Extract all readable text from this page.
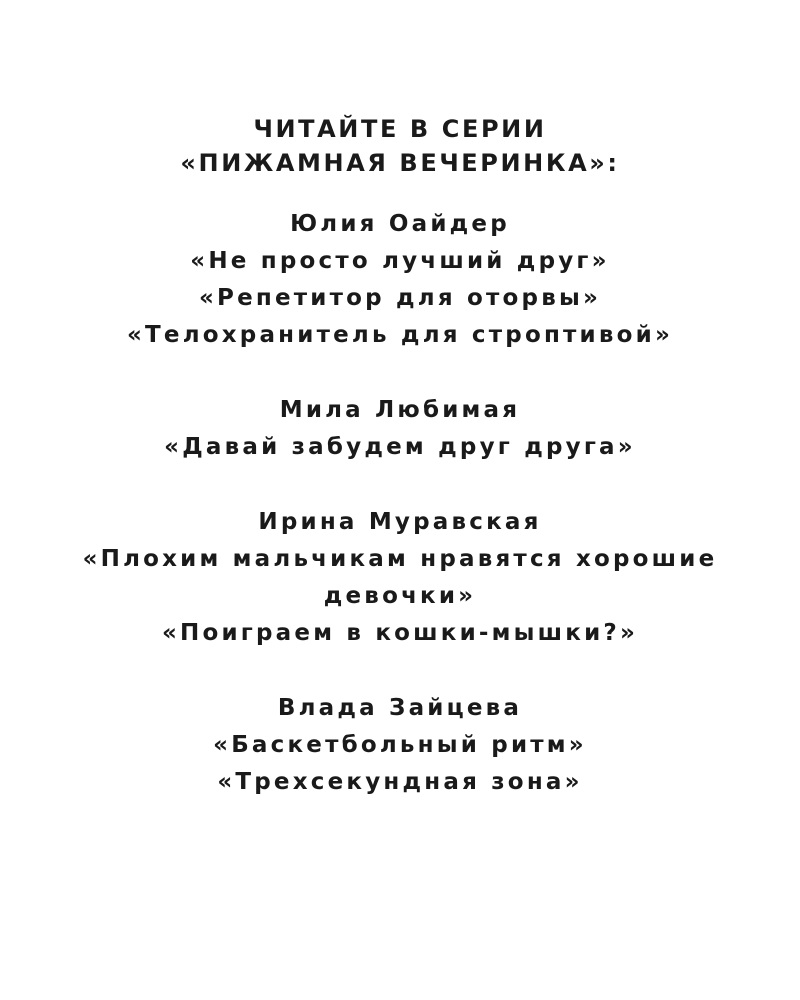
ЧИТАЙТЕ В СЕРИИ
«ПИЖАМНАЯ ВЕЧЕРИНКА»:
Юлия Оайдер
«Не просто лучший друг»
«Репетитор для оторвы»
«Телохранитель для строптивой»
Мила Любимая
«Давай забудем друг друга»
Ирина Муравская
«Плохим мальчикам нравятся хорошие девочки»
«Поиграем в кошки-мышки?»
Влада Зайцева
«Баскетбольный ритм»
«Трехсекундная зона»
